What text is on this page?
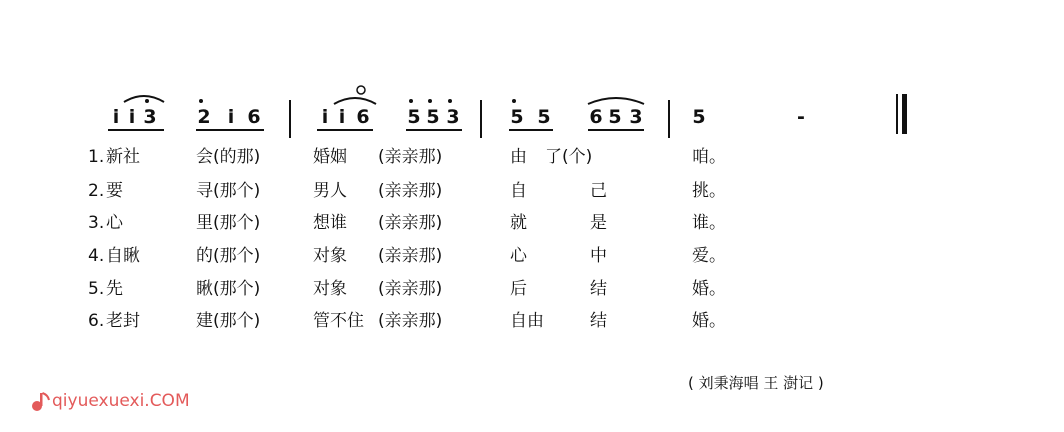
i i 3 2 i 6	i i 6 5 5 3	5 5 6 5 3	5	-
1. 新社	会(的那)	婚姻 (亲亲那)	由 了(个)	咱。
2. 要	寻(那个)	男人 (亲亲那)	自	己	挑。
3. 心	里(那个)	想谁 (亲亲那)	就	是	谁。
4. 自瞅	的(那个)	对象 (亲亲那)	心	中	爱。
5. 先	瞅(那个)	对象 (亲亲那)	后	结	婚。
6. 老封	建(那个)	管不住 (亲亲那)	自由	结	婚。
( 刘秉海唱 王 澍记 )
qiyuexuexi.COM
